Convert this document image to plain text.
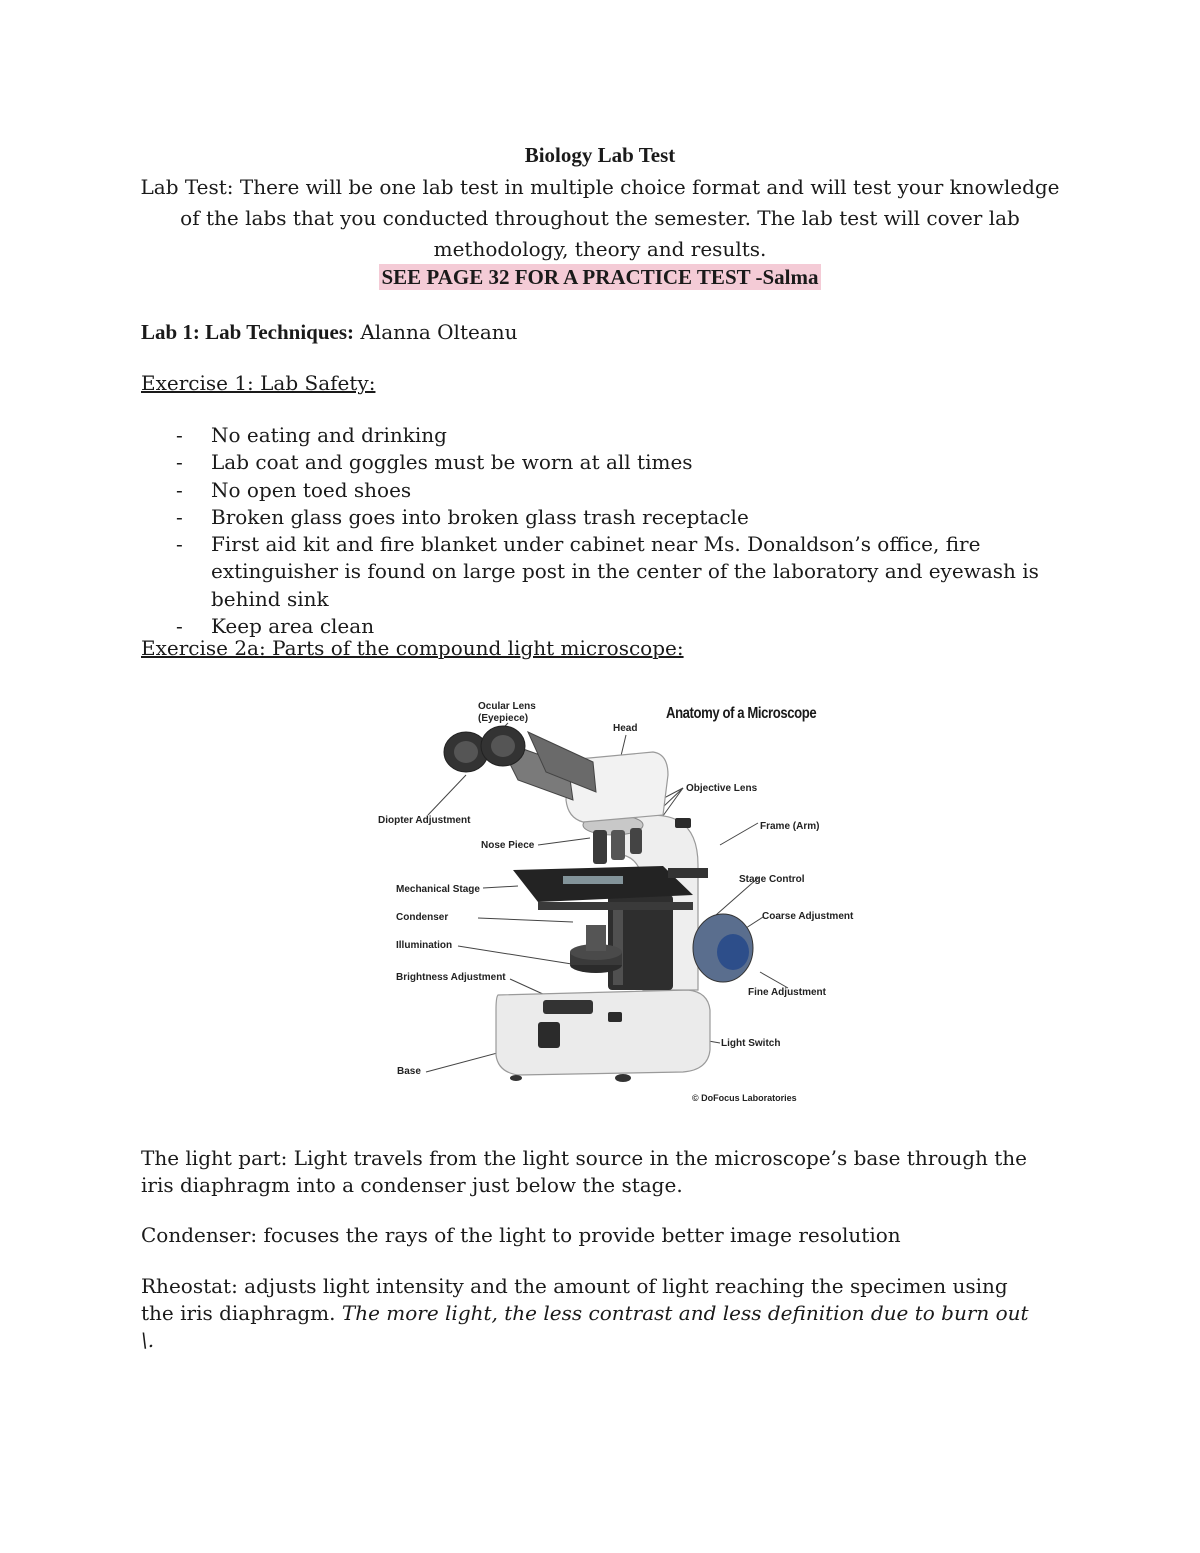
Biology Lab Test
Lab Test: There will be one lab test in multiple choice format and will test your knowledge of the labs that you conducted throughout the semester. The lab test will cover lab methodology, theory and results.
SEE PAGE 32 FOR A PRACTICE TEST -Salma
Lab 1: Lab Techniques: Alanna Olteanu
Exercise 1: Lab Safety:
- No eating and drinking
- Lab coat and goggles must be worn at all times
- No open toed shoes
- Broken glass goes into broken glass trash receptacle
- First aid kit and fire blanket under cabinet near Ms. Donaldson’s office, fire extinguisher is found on large post in the center of the laboratory and eyewash is behind sink
- Keep area clean
Exercise 2a: Parts of the compound light microscope:
Anatomy of a Microscope
Ocular Lens
(Eyepiece)
Head
Objective Lens
Diopter Adjustment
Frame (Arm)
Nose Piece
Stage Control
Mechanical Stage
Coarse Adjustment
Condenser
Illumination
Brightness Adjustment
Fine Adjustment
Light Switch
Base
© DoFocus Laboratories
The light part: Light travels from the light source in the microscope’s base through the iris diaphragm into a condenser just below the stage.
Condenser: focuses the rays of the light to provide better image resolution
Rheostat: adjusts light intensity and the amount of light reaching the specimen using the iris diaphragm. The more light, the less contrast and less definition due to burn out \.
